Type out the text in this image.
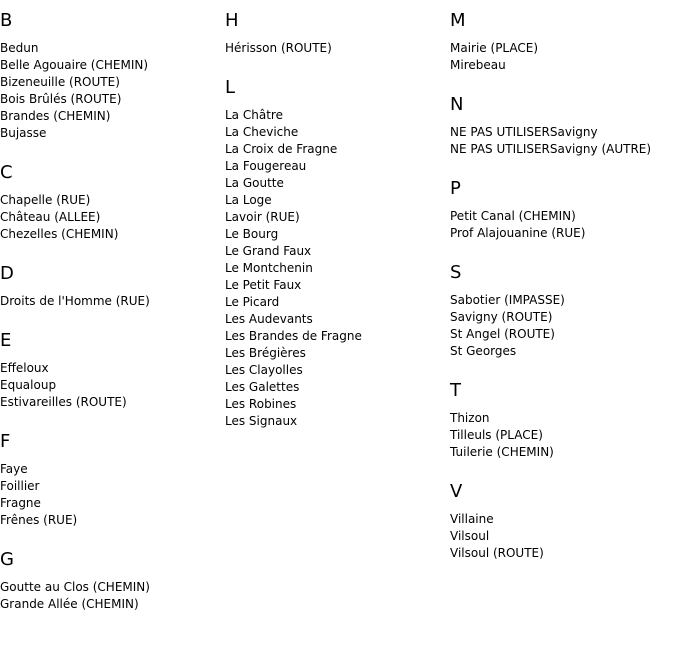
B
Bedun
Belle Agouaire (CHEMIN)
Bizeneuille (ROUTE)
Bois Brûlés (ROUTE)
Brandes (CHEMIN)
Bujasse
C
Chapelle (RUE)
Château (ALLEE)
Chezelles (CHEMIN)
D
Droits de l'Homme (RUE)
E
Effeloux
Equaloup
Estivareilles (ROUTE)
F
Faye
Foillier
Fragne
Frênes (RUE)
G
Goutte au Clos (CHEMIN)
Grande Allée (CHEMIN)
H
Hérisson (ROUTE)
L
La Châtre
La Cheviche
La Croix de Fragne
La Fougereau
La Goutte
La Loge
Lavoir (RUE)
Le Bourg
Le Grand Faux
Le Montchenin
Le Petit Faux
Le Picard
Les Audevants
Les Brandes de Fragne
Les Brégières
Les Clayolles
Les Galettes
Les Robines
Les Signaux
M
Mairie (PLACE)
Mirebeau
N
NE PAS UTILISERSavigny
NE PAS UTILISERSavigny (AUTRE)
P
Petit Canal (CHEMIN)
Prof Alajouanine (RUE)
S
Sabotier (IMPASSE)
Savigny (ROUTE)
St Angel (ROUTE)
St Georges
T
Thizon
Tilleuls (PLACE)
Tuilerie (CHEMIN)
V
Villaine
Vilsoul
Vilsoul (ROUTE)
